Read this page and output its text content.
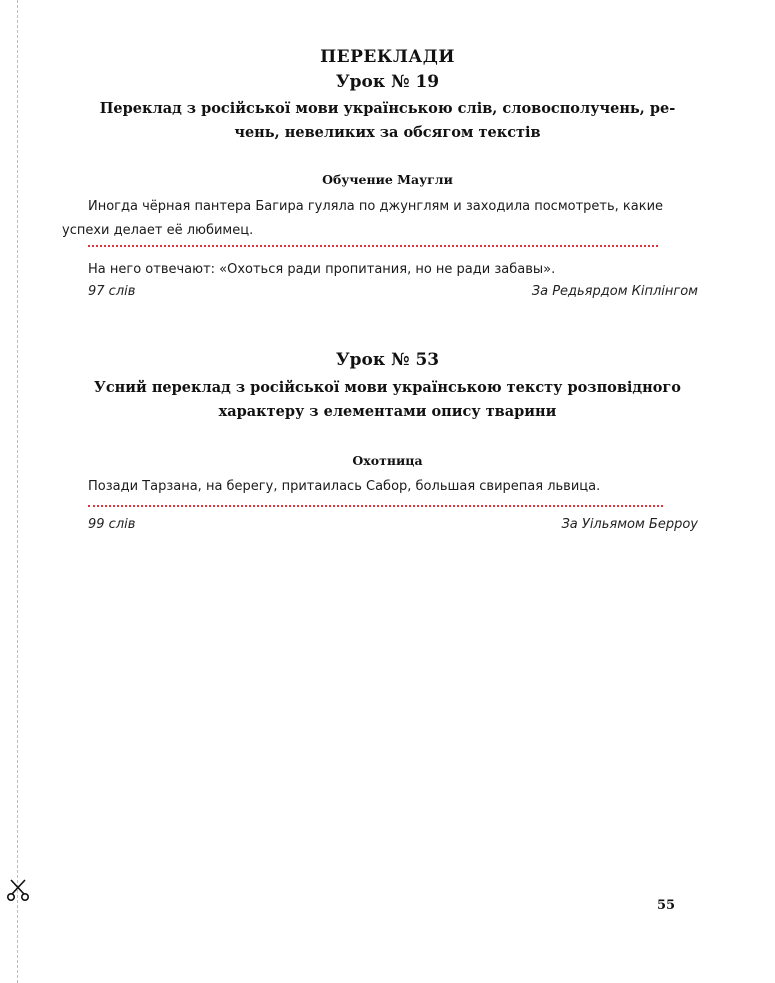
ПЕРЕКЛАДИ
Урок № 19
Переклад з російської мови українською слів, словосполучень, ре-
чень, невеликих за обсягом текстів
Обучение Маугли
Иногда чёрная пантера Багира гуляла по джунглям и заходила посмотреть, какие успехи делает её любимец.
На него отвечают: «Охоться ради пропитания, но не ради забавы».
97 слів	За Редьярдом Кіплінгом
Урок № 53
Усний переклад з російської мови українською тексту розповідного
характеру з елементами опису тварини
Охотница
Позади Тарзана, на берегу, притаилась Сабор, большая свирепая львица.
99 слів	За Уільямом Берроу
55
